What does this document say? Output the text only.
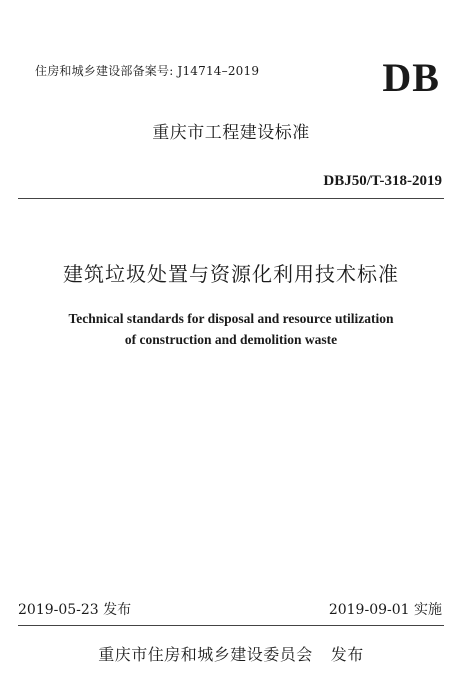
住房和城乡建设部备案号: J14714–2019	DB
重庆市工程建设标准
DBJ50/T-318-2019
建筑垃圾处置与资源化利用技术标准
Technical standards for disposal and resource utilization
of construction and demolition waste
2019-05-23 发布	2019-09-01 实施
重庆市住房和城乡建设委员会 发布
